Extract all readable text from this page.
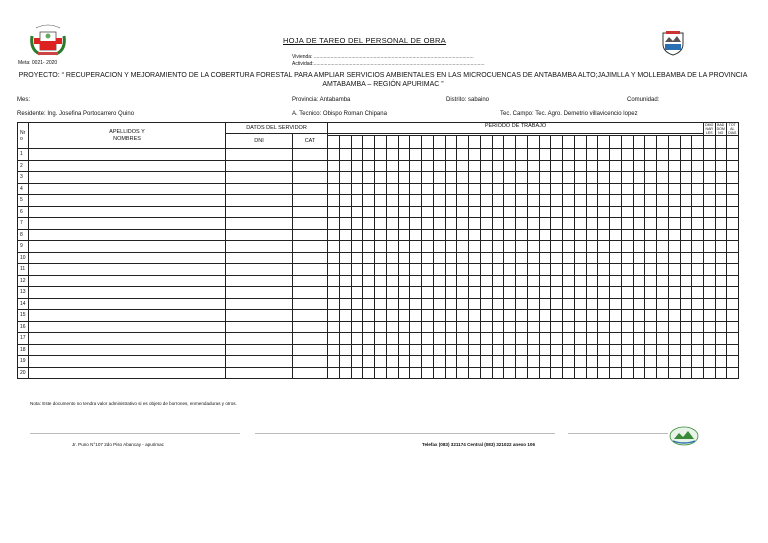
Meta: 0021- 2020
HOJA DE TAREO DEL PERSONAL DE OBRA
Vivienda: ...................................................................................................................
Actividad:...........................................................................................................................
PROYECTO: “ RECUPERACION Y MEJORAMIENTO DE LA COBERTURA FORESTAL PARA AMPLIAR SERVICIOS AMBIENTALES EN LAS MICROCUENCAS DE ANTABAMBA ALTO;JAJIMLLA Y MOLLEBAMBA DE LA PROVINCIA AMTABAMBA – REGIÓN APURIMAC ”
Mes:	Provincia: Antabamba	Distrito: sabaino	Comunidad:
Residente: Ing. Josefina Portocarrero Quino	A. Tecnico: Obispo Roman Chipana	Tec. Campo: Tec. Agro. Demetrio villavicencio lopez
Nr o	APELLIDOS Y NOMBRES	DATOS DEL SERVIDOR		PERIODO DE TRABAJO																																DMO NAR LES	BAD DOM NG	TOT AL DIAS
		DNI	CAT																																			

1																																						
2																																						
3																																						
4																																						
5																																						
6																																						
7																																						
8																																						
9																																						
10																																						
11																																						
12																																						
13																																						
14																																						
15																																						
16																																						
17																																						
18																																						
19																																						
20																																						
Nota: Este documento no tendra valor administrativo si es objeto de borrones, enmendaduras y otros.
Jr. Puno N°107 2do Piso Abancay - apurimac	Telefax (083) 321174 Central (083) 321022 anexo 106
